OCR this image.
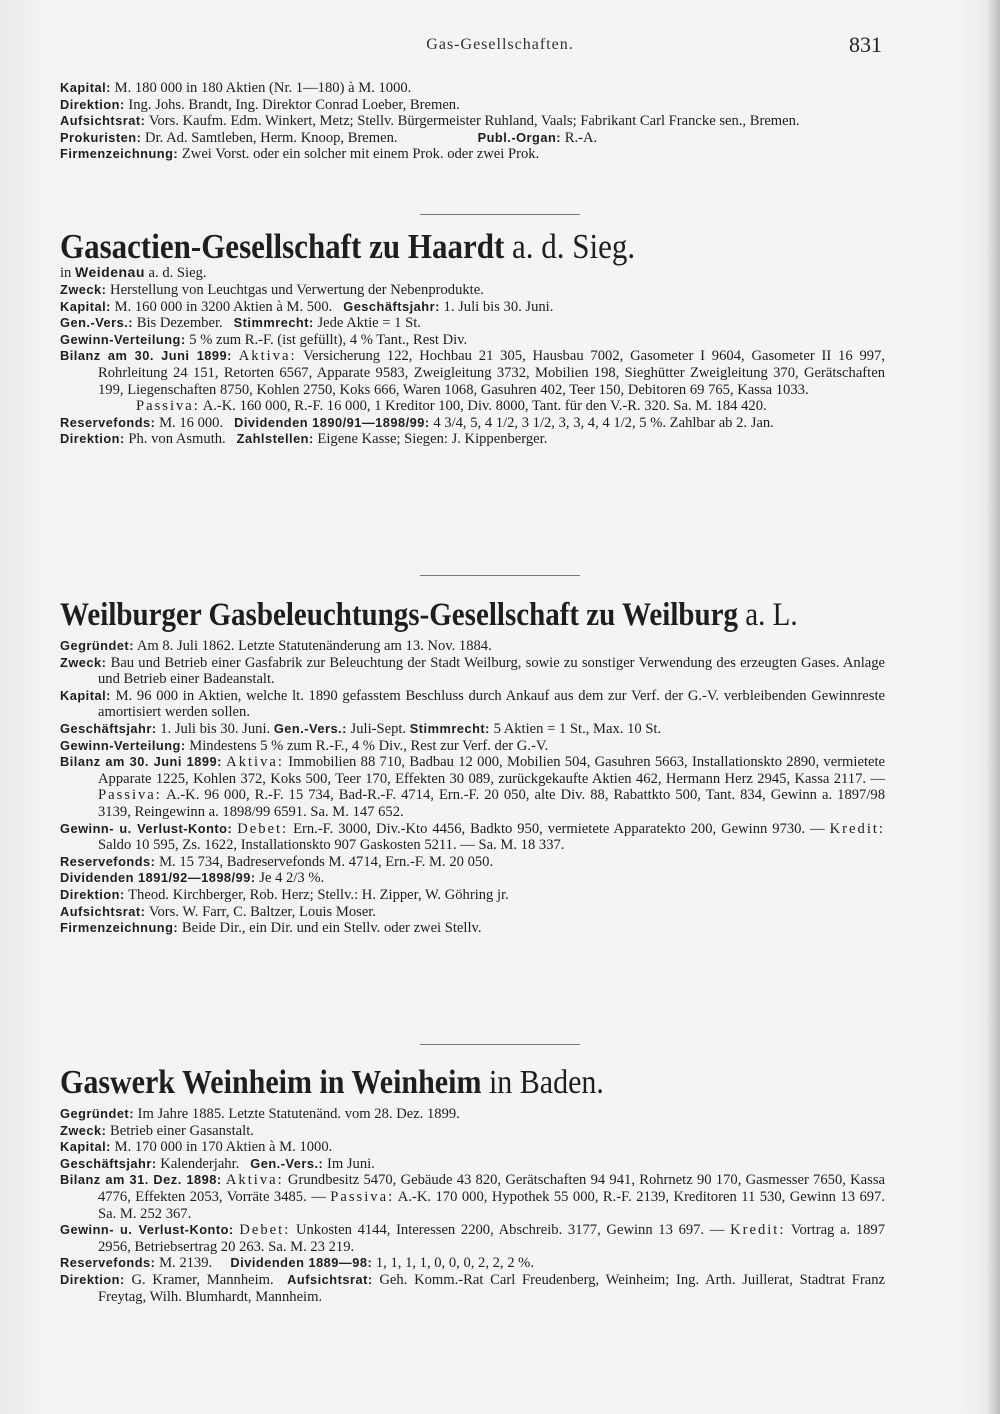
Gas-Gesellschaften.	831

Kapital: M. 180 000 in 180 Aktien (Nr. 1—180) à M. 1000.

Direktion: Ing. Johs. Brandt, Ing. Direktor Conrad Loeber, Bremen.

Aufsichtsrat: Vors. Kaufm. Edm. Winkert, Metz; Stellv. Bürgermeister Ruhland, Vaals; Fabrikant Carl Francke sen., Bremen.

Prokuristen: Dr. Ad. Samtleben, Herm. Knoop, Bremen.	Publ.-Organ: R.-A.

Firmenzeichnung: Zwei Vorst. oder ein solcher mit einem Prok. oder zwei Prok.

Gasactien-Gesellschaft zu Haardt a. d. Sieg.

in Weidenau a. d. Sieg.

Zweck: Herstellung von Leuchtgas und Verwertung der Nebenprodukte.

Kapital: M. 160 000 in 3200 Aktien à M. 500. Geschäftsjahr: 1. Juli bis 30. Juni.

Gen.-Vers.: Bis Dezember. Stimmrecht: Jede Aktie = 1 St.

Gewinn-Verteilung: 5 % zum R.-F. (ist gefüllt), 4 % Tant., Rest Div.

Bilanz am 30. Juni 1899: Aktiva: Versicherung 122, Hochbau 21 305, Hausbau 7002, Gasometer I 9604, Gasometer II 16 997, Rohrleitung 24 151, Retorten 6567, Apparate 9583, Zweigleitung 3732, Mobilien 198, Sieghütter Zweigleitung 370, Gerätschaften 199, Liegenschaften 8750, Kohlen 2750, Koks 666, Waren 1068, Gasuhren 402, Teer 150, Debitoren 69 765, Kassa 1033.

Passiva: A.-K. 160 000, R.-F. 16 000, 1 Kreditor 100, Div. 8000, Tant. für den V.-R. 320. Sa. M. 184 420.

Reservefonds: M. 16 000. Dividenden 1890/91—1898/99: 4 3/4, 5, 4 1/2, 3 1/2, 3, 3, 4, 4 1/2, 5 %. Zahlbar ab 2. Jan.

Direktion: Ph. von Asmuth. Zahlstellen: Eigene Kasse; Siegen: J. Kippenberger.

Weilburger Gasbeleuchtungs-Gesellschaft zu Weilburg a. L.

Gegründet: Am 8. Juli 1862. Letzte Statutenänderung am 13. Nov. 1884.

Zweck: Bau und Betrieb einer Gasfabrik zur Beleuchtung der Stadt Weilburg, sowie zu sonstiger Verwendung des erzeugten Gases. Anlage und Betrieb einer Badeanstalt.

Kapital: M. 96 000 in Aktien, welche lt. 1890 gefasstem Beschluss durch Ankauf aus dem zur Verf. der G.-V. verbleibenden Gewinnreste amortisiert werden sollen.

Geschäftsjahr: 1. Juli bis 30. Juni. Gen.-Vers.: Juli-Sept. Stimmrecht: 5 Aktien = 1 St., Max. 10 St.

Gewinn-Verteilung: Mindestens 5 % zum R.-F., 4 % Div., Rest zur Verf. der G.-V.

Bilanz am 30. Juni 1899: Aktiva: Immobilien 88 710, Badbau 12 000, Mobilien 504, Gasuhren 5663, Installationskto 2890, vermietete Apparate 1225, Kohlen 372, Koks 500, Teer 170, Effekten 30 089, zurückgekaufte Aktien 462, Hermann Herz 2945, Kassa 2117. — Passiva: A.-K. 96 000, R.-F. 15 734, Bad-R.-F. 4714, Ern.-F. 20 050, alte Div. 88, Rabattkto 500, Tant. 834, Gewinn a. 1897/98 3139, Reingewinn a. 1898/99 6591. Sa. M. 147 652.

Gewinn- u. Verlust-Konto: Debet: Ern.-F. 3000, Div.-Kto 4456, Badkto 950, vermietete Apparatekto 200, Gewinn 9730. — Kredit: Saldo 10 595, Zs. 1622, Installationskto 907 Gaskosten 5211. — Sa. M. 18 337.

Reservefonds: M. 15 734, Badreservefonds M. 4714, Ern.-F. M. 20 050.

Dividenden 1891/92—1898/99: Je 4 2/3 %.

Direktion: Theod. Kirchberger, Rob. Herz; Stellv.: H. Zipper, W. Göhring jr.

Aufsichtsrat: Vors. W. Farr, C. Baltzer, Louis Moser.

Firmenzeichnung: Beide Dir., ein Dir. und ein Stellv. oder zwei Stellv.

Gaswerk Weinheim in Weinheim in Baden.

Gegründet: Im Jahre 1885. Letzte Statutenänd. vom 28. Dez. 1899.

Zweck: Betrieb einer Gasanstalt.

Kapital: M. 170 000 in 170 Aktien à M. 1000.

Geschäftsjahr: Kalenderjahr. Gen.-Vers.: Im Juni.

Bilanz am 31. Dez. 1898: Aktiva: Grundbesitz 5470, Gebäude 43 820, Gerätschaften 94 941, Rohrnetz 90 170, Gasmesser 7650, Kassa 4776, Effekten 2053, Vorräte 3485. — Passiva: A.-K. 170 000, Hypothek 55 000, R.-F. 2139, Kreditoren 11 530, Gewinn 13 697. Sa. M. 252 367.

Gewinn- u. Verlust-Konto: Debet: Unkosten 4144, Interessen 2200, Abschreib. 3177, Gewinn 13 697. — Kredit: Vortrag a. 1897 2956, Betriebsertrag 20 263. Sa. M. 23 219.

Reservefonds: M. 2139. Dividenden 1889—98: 1, 1, 1, 1, 0, 0, 0, 2, 2, 2 %.

Direktion: G. Kramer, Mannheim. Aufsichtsrat: Geh. Komm.-Rat Carl Freudenberg, Weinheim; Ing. Arth. Juillerat, Stadtrat Franz Freytag, Wilh. Blumhardt, Mannheim.
